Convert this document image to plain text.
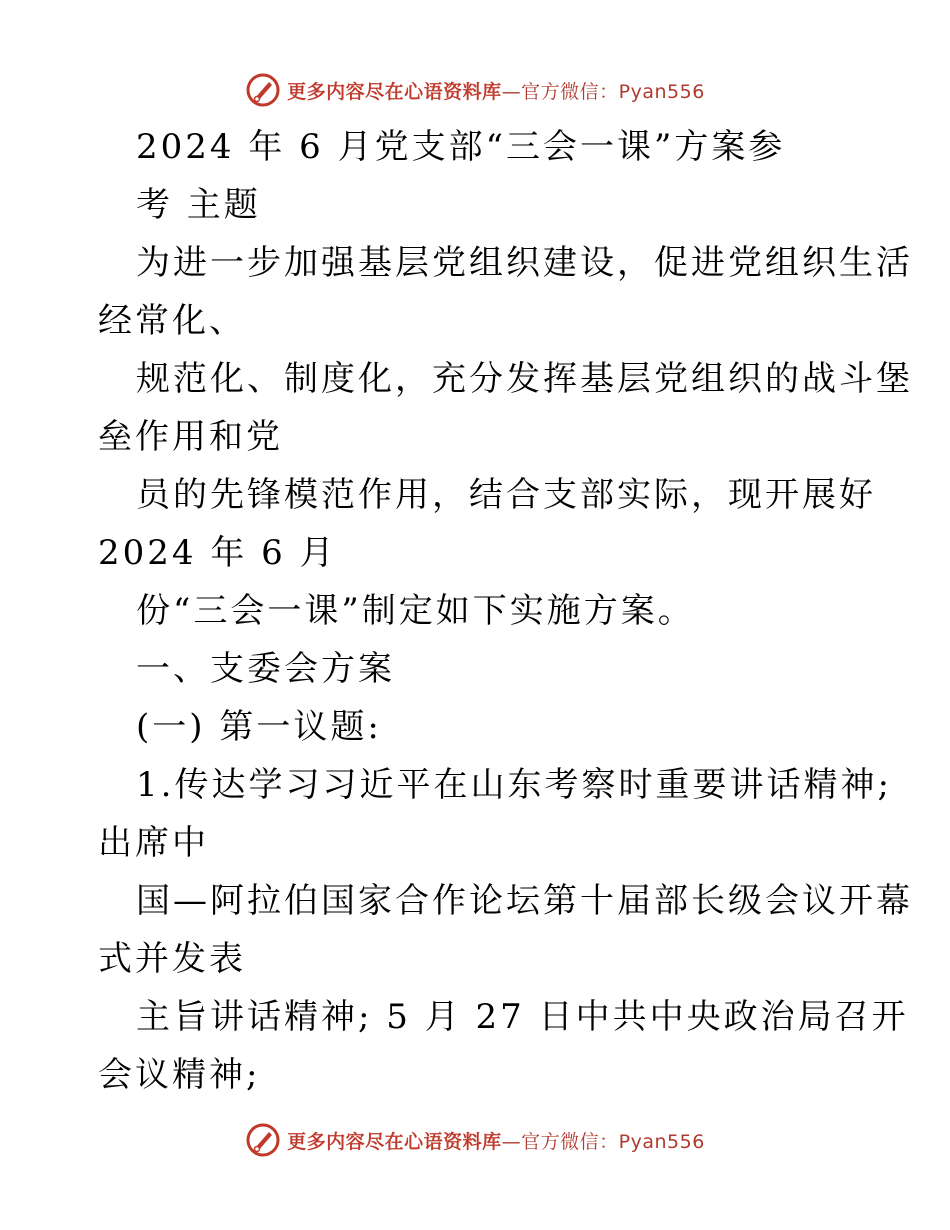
更多内容尽在心语资料库—官方微信：Pyan556
2024 年 6 月党支部“三会一课”方案参
考 主题
为进一步加强基层党组织建设，促进党组织生活
经常化、
规范化、制度化，充分发挥基层党组织的战斗堡
垒作用和党
员的先锋模范作用，结合支部实际，现开展好
2024 年 6 月
份“三会一课”制定如下实施方案。
一、支委会方案
(一) 第一议题:
1.传达学习习近平在山东考察时重要讲话精神;
出席中
国—阿拉伯国家合作论坛第十届部长级会议开幕
式并发表
主旨讲话精神; 5 月 27 日中共中央政治局召开
会议精神;
更多内容尽在心语资料库—官方微信：Pyan556
